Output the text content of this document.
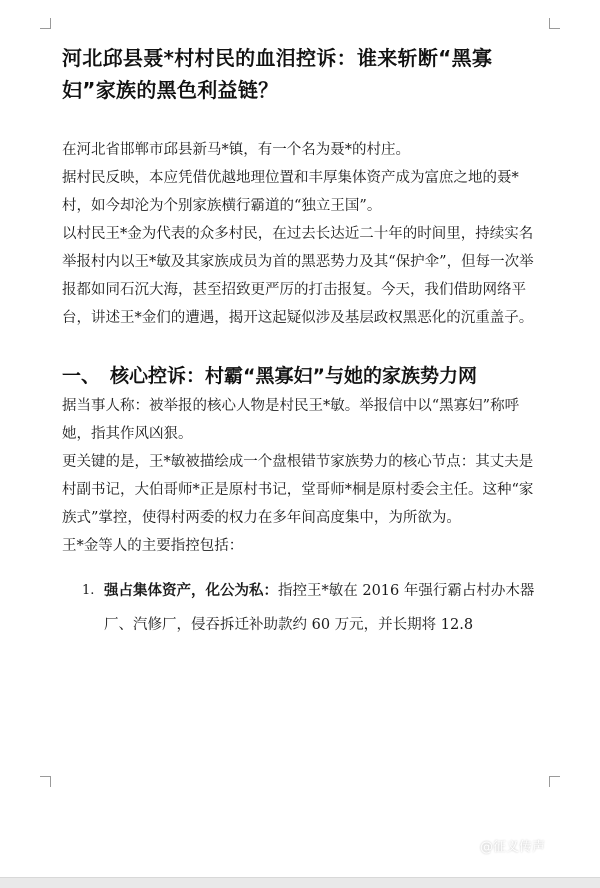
河北邱县聂*村村民的血泪控诉：谁来斩断“黑寡妇”家族的黑色利益链？

在河北省邯郸市邱县新马*镇，有一个名为聂*的村庄。

据村民反映，本应凭借优越地理位置和丰厚集体资产成为富庶之地的聂*村，如今却沦为个别家族横行霸道的“独立王国”。

以村民王*金为代表的众多村民，在过去长达近二十年的时间里，持续实名举报村内以王*敏及其家族成员为首的黑恶势力及其“保护伞”，但每一次举报都如同石沉大海，甚至招致更严厉的打击报复。今天，我们借助网络平台，讲述王*金们的遭遇，揭开这起疑似涉及基层政权黑恶化的沉重盖子。

一、 核心控诉：村霸“黑寡妇”与她的家族势力网

据当事人称：被举报的核心人物是村民王*敏。举报信中以“黑寡妇”称呼她，指其作风凶狠。

更关键的是，王*敏被描绘成一个盘根错节家族势力的核心节点：其丈夫是村副书记，大伯哥师*正是原村书记，堂哥师*桐是原村委会主任。这种“家族式”掌控，使得村两委的权力在多年间高度集中，为所欲为。

王*金等人的主要指控包括：

1. 强占集体资产，化公为私：指控王*敏在 2016 年强行霸占村办木器厂、汽修厂，侵吞拆迁补助款约 60 万元，并长期将 12.8
@征义传声
